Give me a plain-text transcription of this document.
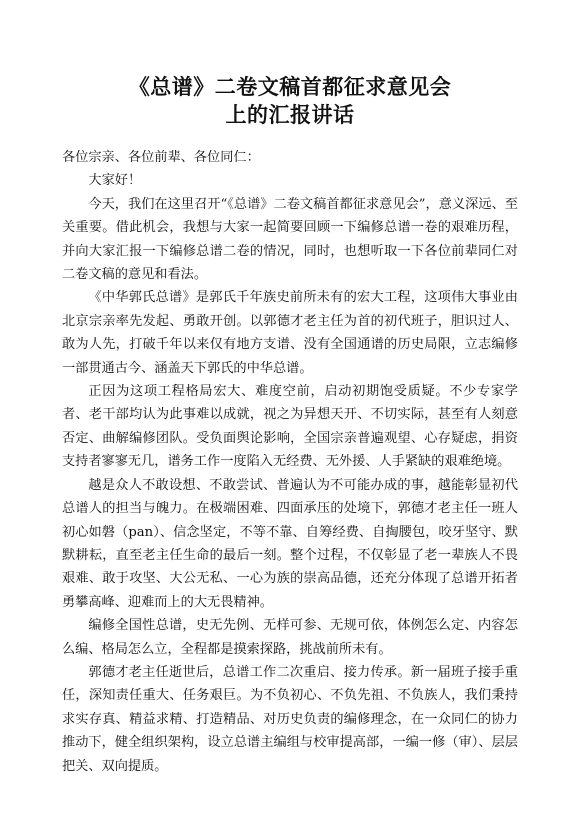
《总谱》二卷文稿首都征求意见会
上的汇报讲话

各位宗亲、各位前辈、各位同仁：

大家好！

今天，我们在这里召开“《总谱》二卷文稿首都征求意见会”，意义深远、至关重要。借此机会，我想与大家一起简要回顾一下编修总谱一卷的艰难历程，并向大家汇报一下编修总谱二卷的情况，同时，也想听取一下各位前辈同仁对二卷文稿的意见和看法。

《中华郭氏总谱》是郭氏千年族史前所未有的宏大工程，这项伟大事业由北京宗亲率先发起、勇敢开创。以郭德才老主任为首的初代班子，胆识过人、敢为人先，打破千年以来仅有地方支谱、没有全国通谱的历史局限，立志编修一部贯通古今、涵盖天下郭氏的中华总谱。

正因为这项工程格局宏大、难度空前，启动初期饱受质疑。不少专家学者、老干部均认为此事难以成就，视之为异想天开、不切实际，甚至有人刻意否定、曲解编修团队。受负面舆论影响，全国宗亲普遍观望、心存疑虑，捐资支持者寥寥无几，谱务工作一度陷入无经费、无外援、人手紧缺的艰难绝境。

越是众人不敢设想、不敢尝试、普遍认为不可能办成的事，越能彰显初代总谱人的担当与魄力。在极端困难、四面承压的处境下，郭德才老主任一班人初心如磐（pan）、信念坚定，不等不靠、自筹经费、自掏腰包，咬牙坚守、默默耕耘，直至老主任生命的最后一刻。整个过程，不仅彰显了老一辈族人不畏艰难、敢于攻坚、大公无私、一心为族的崇高品德，还充分体现了总谱开拓者勇攀高峰、迎难而上的大无畏精神。

编修全国性总谱，史无先例、无样可参、无规可依，体例怎么定、内容怎么编、格局怎么立，全程都是摸索探路，挑战前所未有。

郭德才老主任逝世后，总谱工作二次重启、接力传承。新一届班子接手重任，深知责任重大、任务艰巨。为不负初心、不负先祖、不负族人，我们秉持求实存真、精益求精、打造精品、对历史负责的编修理念，在一众同仁的协力推动下，健全组织架构，设立总谱主编组与校审提高部，一编一修（审）、层层把关、双向提质。
